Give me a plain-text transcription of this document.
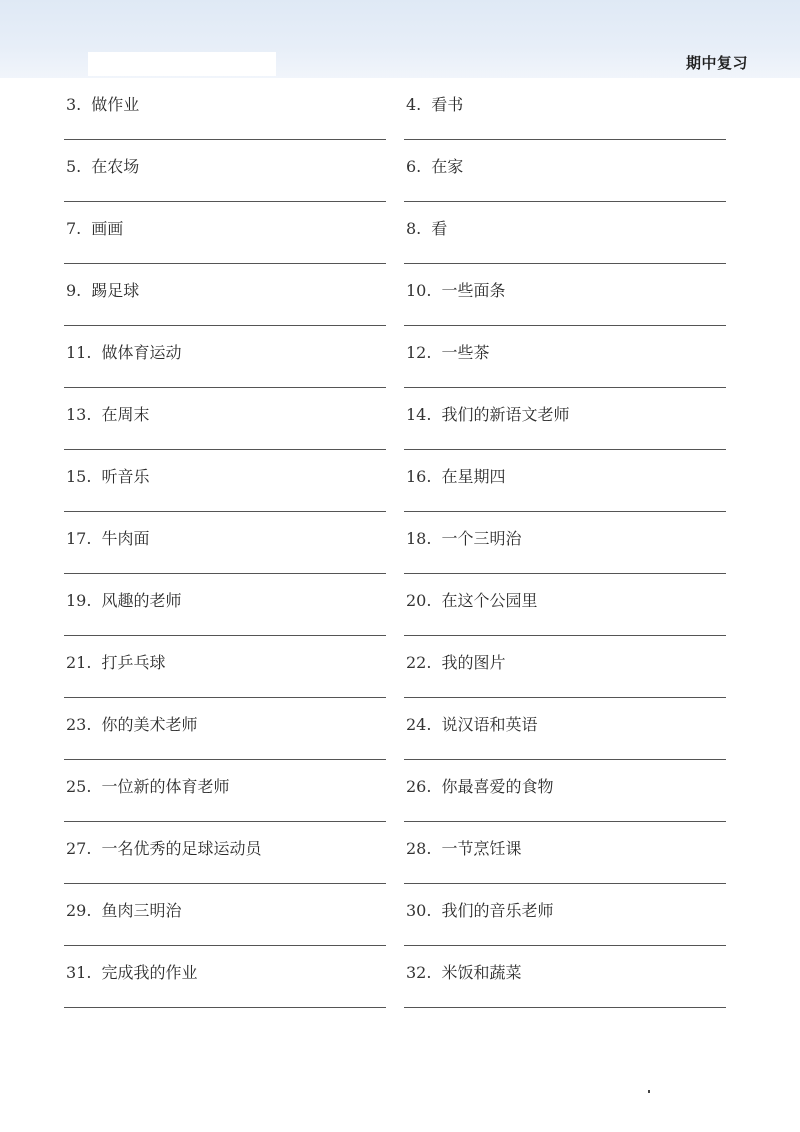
期中复习
3. 做作业	4. 看书
5. 在农场	6. 在家
7. 画画	8. 看
9. 踢足球	10. 一些面条
11. 做体育运动	12. 一些茶
13. 在周末	14. 我们的新语文老师
15. 听音乐	16. 在星期四
17. 牛肉面	18. 一个三明治
19. 风趣的老师	20. 在这个公园里
21. 打乒乓球	22. 我的图片
23. 你的美术老师	24. 说汉语和英语
25. 一位新的体育老师	26. 你最喜爱的食物
27. 一名优秀的足球运动员	28. 一节烹饪课
29. 鱼肉三明治	30. 我们的音乐老师
31. 完成我的作业	32. 米饭和蔬菜
